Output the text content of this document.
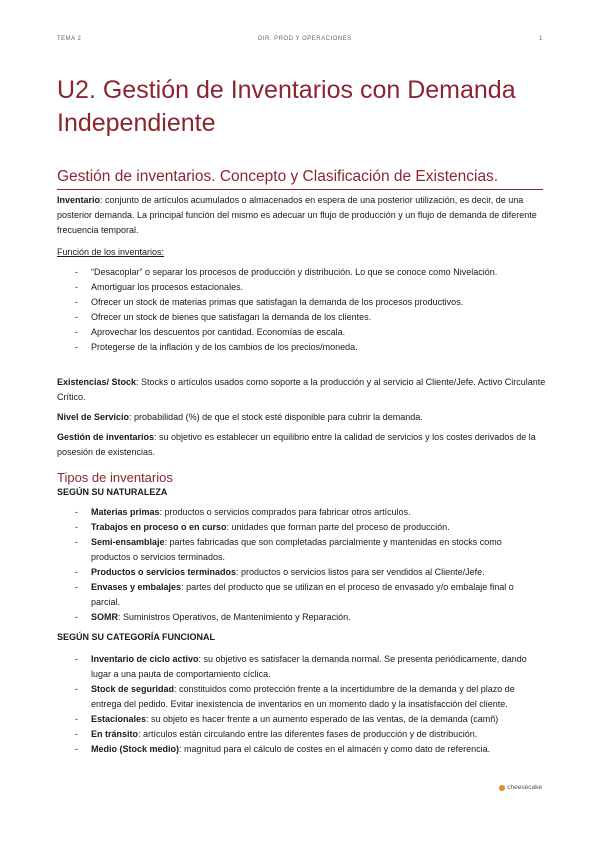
TEMA 2	DIR. PROD Y OPERACIONES	1
U2. Gestión de Inventarios con Demanda Independiente
Gestión de inventarios. Concepto y Clasificación de Existencias.

Inventario: conjunto de artículos acumulados o almacenados en espera de una posterior utilización, es decir, de una posterior demanda. La principal función del mismo es adecuar un flujo de producción y un flujo de demanda de diferente frecuencia temporal.

Función de los inventarios:

- “Desacoplar” o separar los procesos de producción y distribución. Lo que se conoce como Nivelación.
- Amortiguar los procesos estacionales.
- Ofrecer un stock de materias primas que satisfagan la demanda de los procesos productivos.
- Ofrecer un stock de bienes que satisfagan la demanda de los clientes.
- Aprovechar los descuentos por cantidad. Economías de escala.
- Protegerse de la inflación y de los cambios de los precios/moneda.

Existencias/ Stock: Stocks o artículos usados como soporte a la producción y al servicio al Cliente/Jefe. Activo Circulante Crítico.

Nivel de Servicio: probabilidad (%) de que el stock esté disponible para cubrir la demanda.

Gestión de inventarios: su objetivo es establecer un equilibrio entre la calidad de servicios y los costes derivados de la posesión de existencias.

Tipos de inventarios
SEGÚN SU NATURALEZA
- Materias primas: productos o servicios comprados para fabricar otros artículos.
- Trabajos en proceso o en curso: unidades que forman parte del proceso de producción.
- Semi-ensamblaje: partes fabricadas que son completadas parcialmente y mantenidas en stocks como productos o servicios terminados.
- Productos o servicios terminados: productos o servicios listos para ser vendidos al Cliente/Jefe.
- Envases y embalajes: partes del producto que se utilizan en el proceso de envasado y/o embalaje final o parcial.
- SOMR: Suministros Operativos, de Mantenimiento y Reparación.
SEGÚN SU CATEGORÍA FUNCIONAL
- Inventario de ciclo activo: su objetivo es satisfacer la demanda normal. Se presenta periódicamente, dando lugar a una pauta de comportamiento cíclica.
- Stock de seguridad: constituidos como protección frente a la incertidumbre de la demanda y del plazo de entrega del pedido. Evitar inexistencia de inventarios en un momento dado y la insatisfacción del cliente.
- Estacionales: su objeto es hacer frente a un aumento esperado de las ventas, de la demanda (camñ)
- En tránsito: artículos están circulando entre las diferentes fases de producción y de distribución.
- Medio (Stock medio): magnitud para el cálculo de costes en el almacén y como dato de referencia.
cheesecake
